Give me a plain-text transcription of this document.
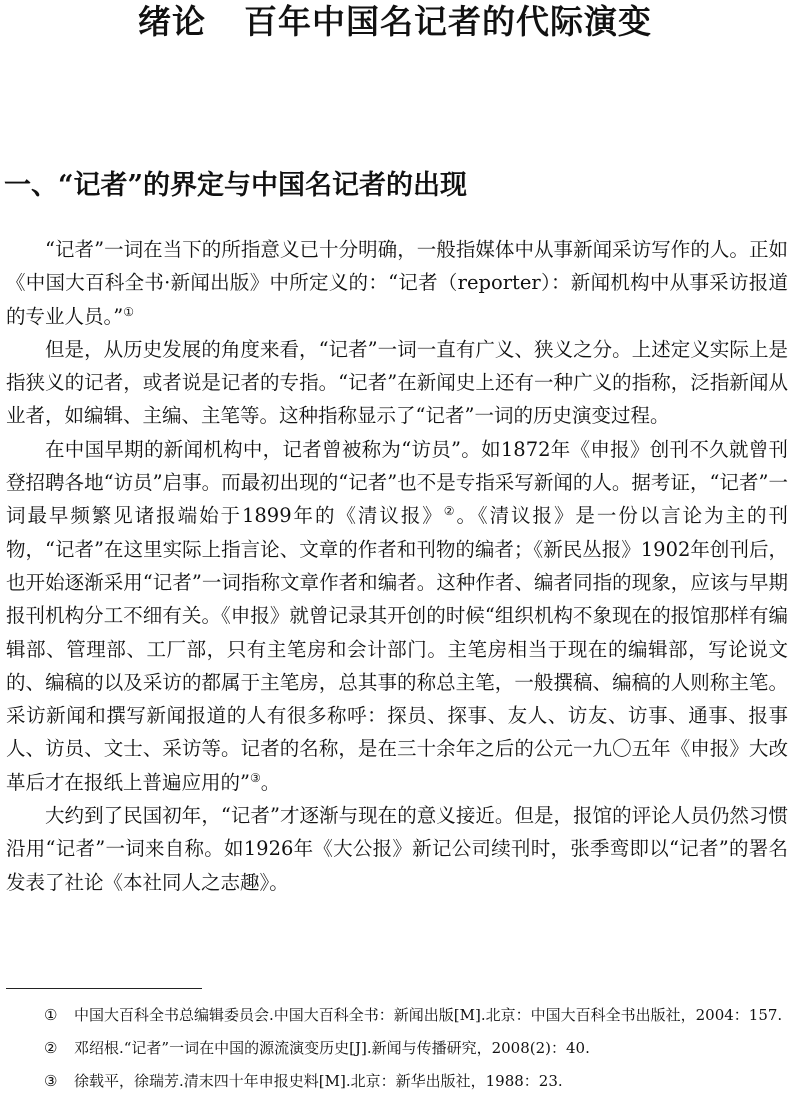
绪论 百年中国名记者的代际演变
一、“记者”的界定与中国名记者的出现

“记者”一词在当下的所指意义已十分明确，一般指媒体中从事新闻采访写作的人。正如《中国大百科全书·新闻出版》中所定义的：“记者（reporter）：新闻机构中从事采访报道的专业人员。”①

但是，从历史发展的角度来看，“记者”一词一直有广义、狭义之分。上述定义实际上是指狭义的记者，或者说是记者的专指。“记者”在新闻史上还有一种广义的指称，泛指新闻从业者，如编辑、主编、主笔等。这种指称显示了“记者”一词的历史演变过程。

在中国早期的新闻机构中，记者曾被称为“访员”。如1872年《申报》创刊不久就曾刊登招聘各地“访员”启事。而最初出现的“记者”也不是专指采写新闻的人。据考证，“记者”一词最早频繁见诸报端始于1899年的《清议报》②。《清议报》是一份以言论为主的刊物，“记者”在这里实际上指言论、文章的作者和刊物的编者；《新民丛报》1902年创刊后，也开始逐渐采用“记者”一词指称文章作者和编者。这种作者、编者同指的现象，应该与早期报刊机构分工不细有关。《申报》就曾记录其开创的时候“组织机构不象现在的报馆那样有编辑部、管理部、工厂部，只有主笔房和会计部门。主笔房相当于现在的编辑部，写论说文的、编稿的以及采访的都属于主笔房，总其事的称总主笔，一般撰稿、编稿的人则称主笔。采访新闻和撰写新闻报道的人有很多称呼：探员、探事、友人、访友、访事、通事、报事人、访员、文士、采访等。记者的名称，是在三十余年之后的公元一九〇五年《申报》大改革后才在报纸上普遍应用的”③。

大约到了民国初年，“记者”才逐渐与现在的意义接近。但是，报馆的评论人员仍然习惯沿用“记者”一词来自称。如1926年《大公报》新记公司续刊时，张季鸾即以“记者”的署名发表了社论《本社同人之志趣》。

① 中国大百科全书总编辑委员会.中国大百科全书：新闻出版[M].北京：中国大百科全书出版社，2004：157.

② 邓绍根.“记者”一词在中国的源流演变历史[J].新闻与传播研究，2008(2)：40.

③ 徐载平，徐瑞芳.清末四十年申报史料[M].北京：新华出版社，1988：23.
